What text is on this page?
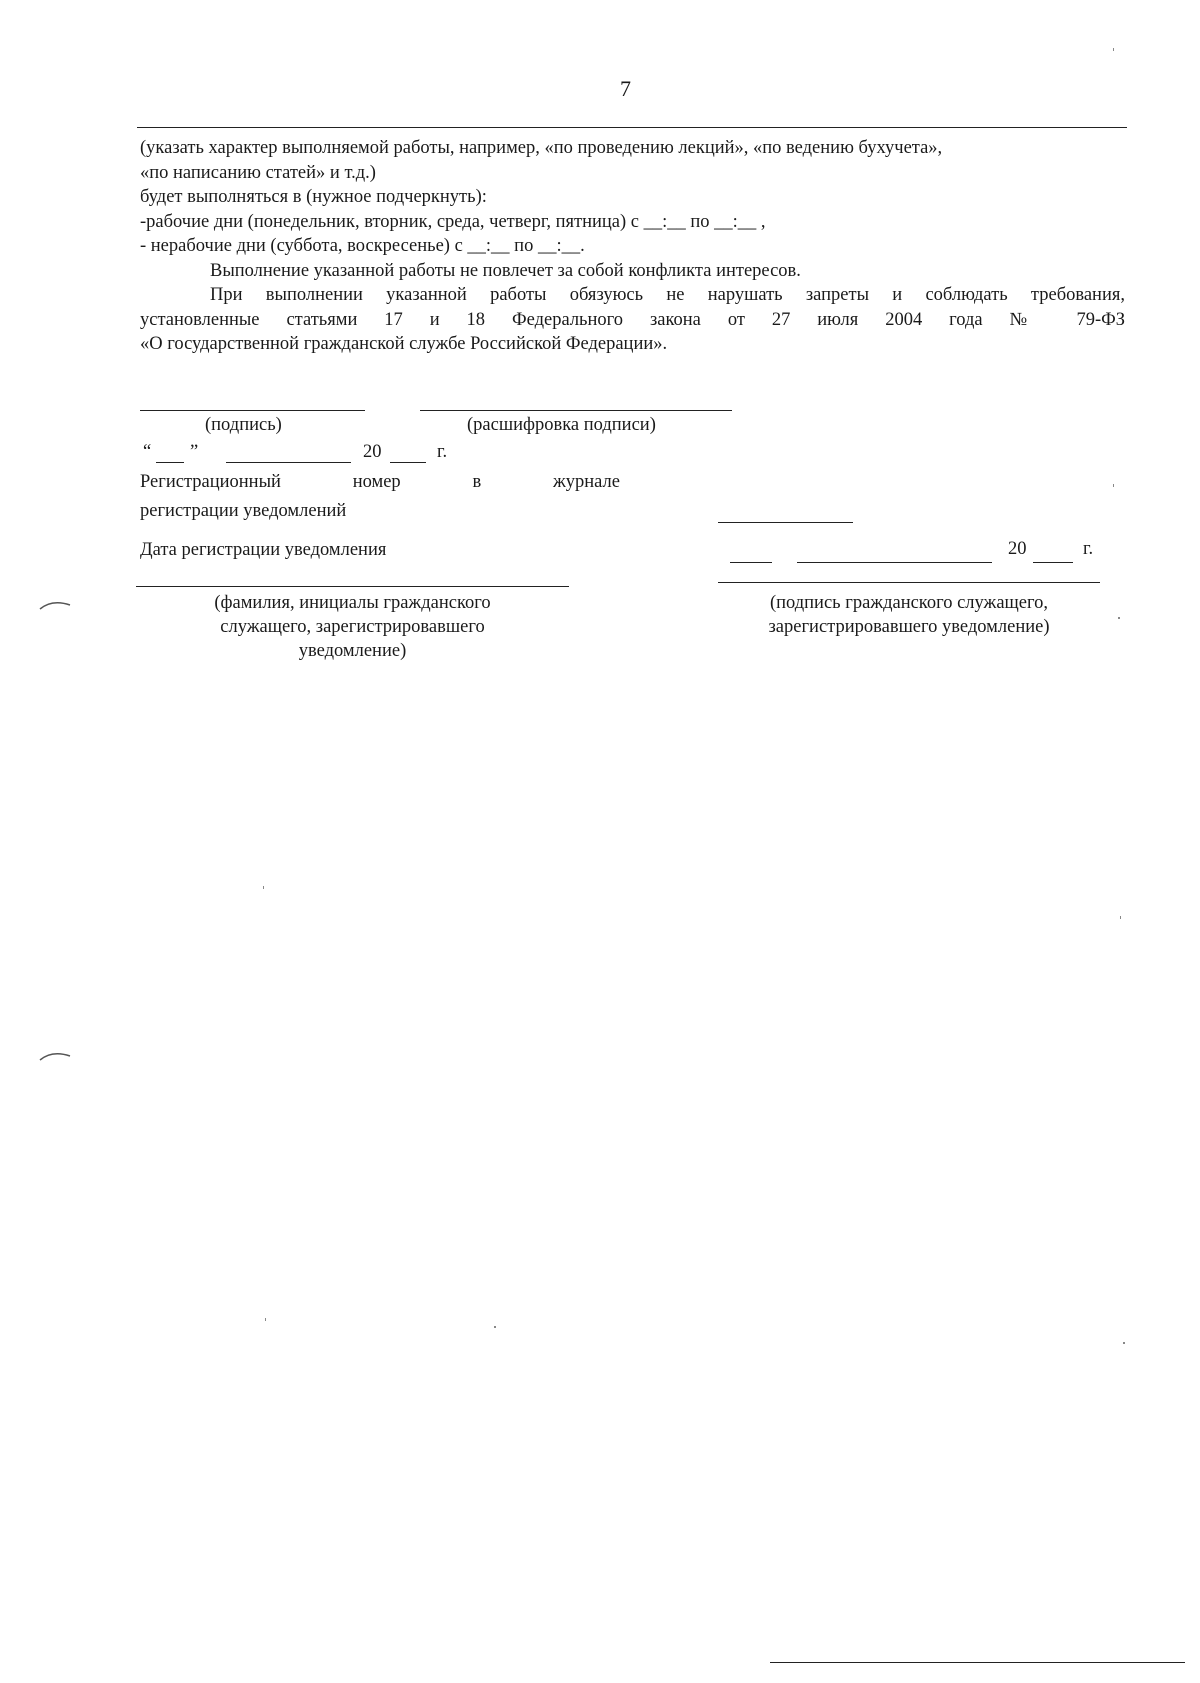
7

(указать характер выполняемой работы, например, «по проведению лекций», «по ведению бухучета»,

«по написанию статей» и т.д.)

будет выполняться в (нужное подчеркнуть):

-рабочие дни (понедельник, вторник, среда, четверг, пятница) с __:__ по __:__ ,

- нерабочие дни (суббота, воскресенье) с __:__ по __:__.

Выполнение указанной работы не повлечет за собой конфликта интересов.

При выполнении указанной работы обязуюсь не нарушать запреты и соблюдать требования,

установленные статьями 17 и 18 Федерального закона от 27 июля 2004 года № 79-ФЗ

«О государственной гражданской службе Российской Федерации».

(подпись)	(расшифровка подписи)
“ ”	20	г.
Регистрационный	номер	в	журнале
регистрации уведомлений
Дата регистрации уведомления	20	г.
(фамилия, инициалы гражданского
служащего, зарегистрировавшего
уведомление)
(подпись гражданского служащего,
зарегистрировавшего уведомление)
